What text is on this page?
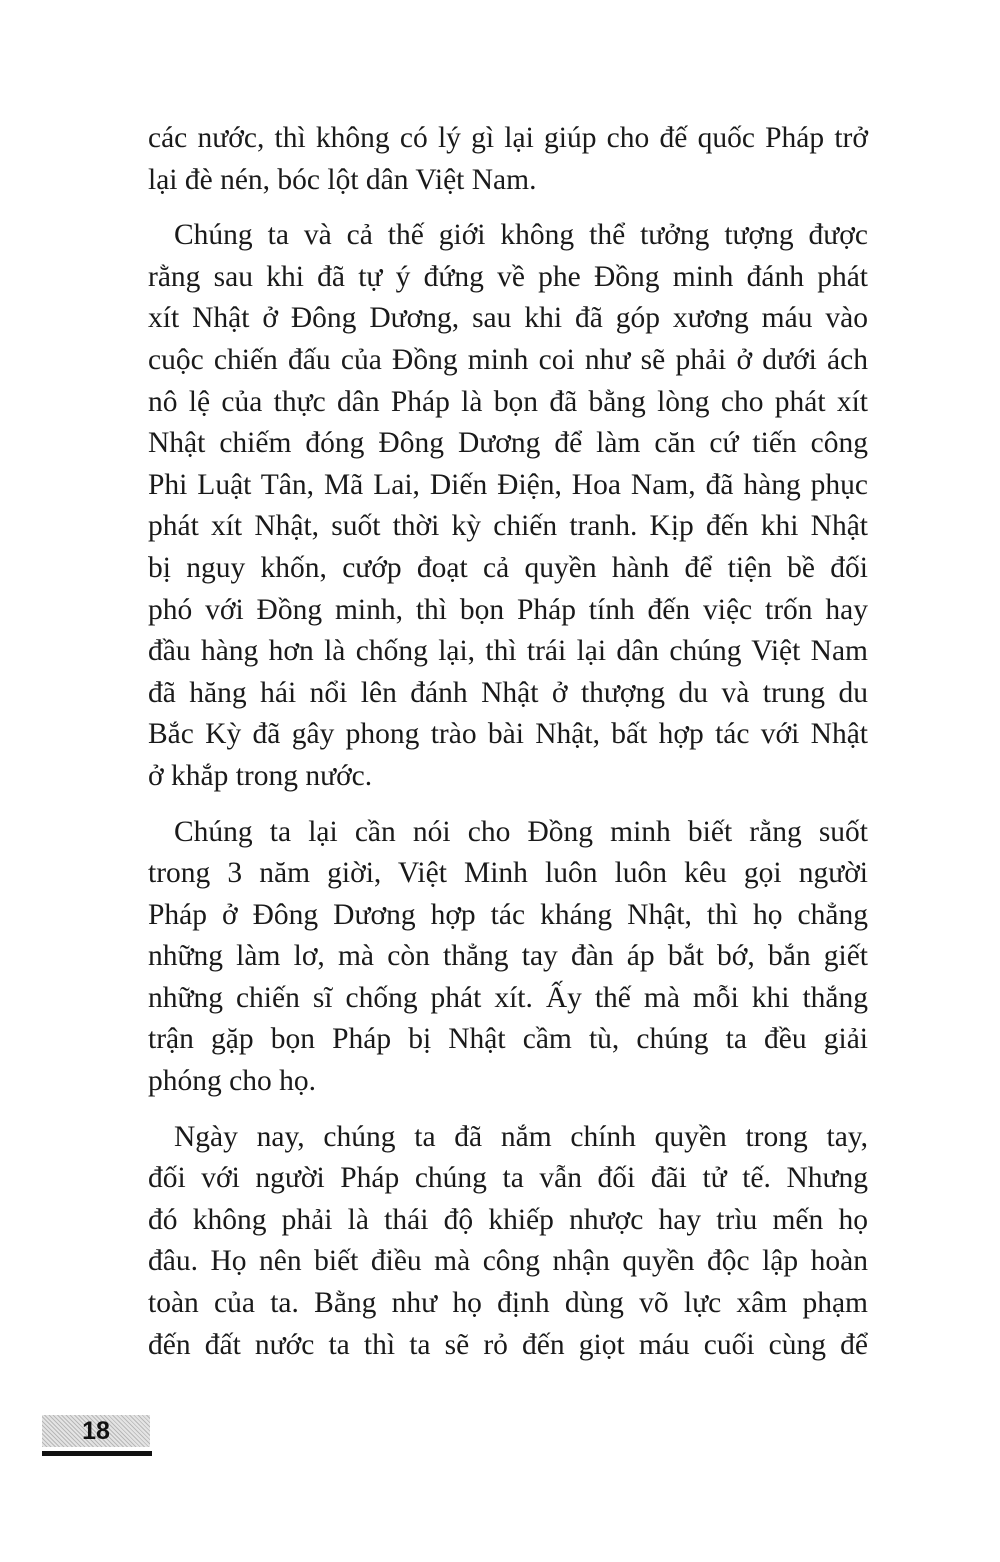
các nước, thì không có lý gì lại giúp cho đế quốc Pháp trở
lại đè nén, bóc lột dân Việt Nam.
Chúng ta và cả thế giới không thể tưởng tượng được
rằng sau khi đã tự ý đứng về phe Đồng minh đánh phát
xít Nhật ở Đông Dương, sau khi đã góp xương máu vào
cuộc chiến đấu của Đồng minh coi như sẽ phải ở dưới ách
nô lệ của thực dân Pháp là bọn đã bằng lòng cho phát xít
Nhật chiếm đóng Đông Dương để làm căn cứ tiến công
Phi Luật Tân, Mã Lai, Diến Điện, Hoa Nam, đã hàng phục
phát xít Nhật, suốt thời kỳ chiến tranh. Kịp đến khi Nhật
bị nguy khốn, cướp đoạt cả quyền hành để tiện bề đối
phó với Đồng minh, thì bọn Pháp tính đến việc trốn hay
đầu hàng hơn là chống lại, thì trái lại dân chúng Việt Nam
đã hăng hái nổi lên đánh Nhật ở thượng du và trung du
Bắc Kỳ đã gây phong trào bài Nhật, bất hợp tác với Nhật
ở khắp trong nước.
Chúng ta lại cần nói cho Đồng minh biết rằng suốt
trong 3 năm giời, Việt Minh luôn luôn kêu gọi người
Pháp ở Đông Dương hợp tác kháng Nhật, thì họ chẳng
những làm lơ, mà còn thẳng tay đàn áp bắt bớ, bắn giết
những chiến sĩ chống phát xít. Ấy thế mà mỗi khi thắng
trận gặp bọn Pháp bị Nhật cầm tù, chúng ta đều giải
phóng cho họ.
Ngày nay, chúng ta đã nắm chính quyền trong tay,
đối với người Pháp chúng ta vẫn đối đãi tử tế. Nhưng
đó không phải là thái độ khiếp nhược hay trìu mến họ
đâu. Họ nên biết điều mà công nhận quyền độc lập hoàn
toàn của ta. Bằng như họ định dùng võ lực xâm phạm
đến đất nước ta thì ta sẽ rỏ đến giọt máu cuối cùng để
18
